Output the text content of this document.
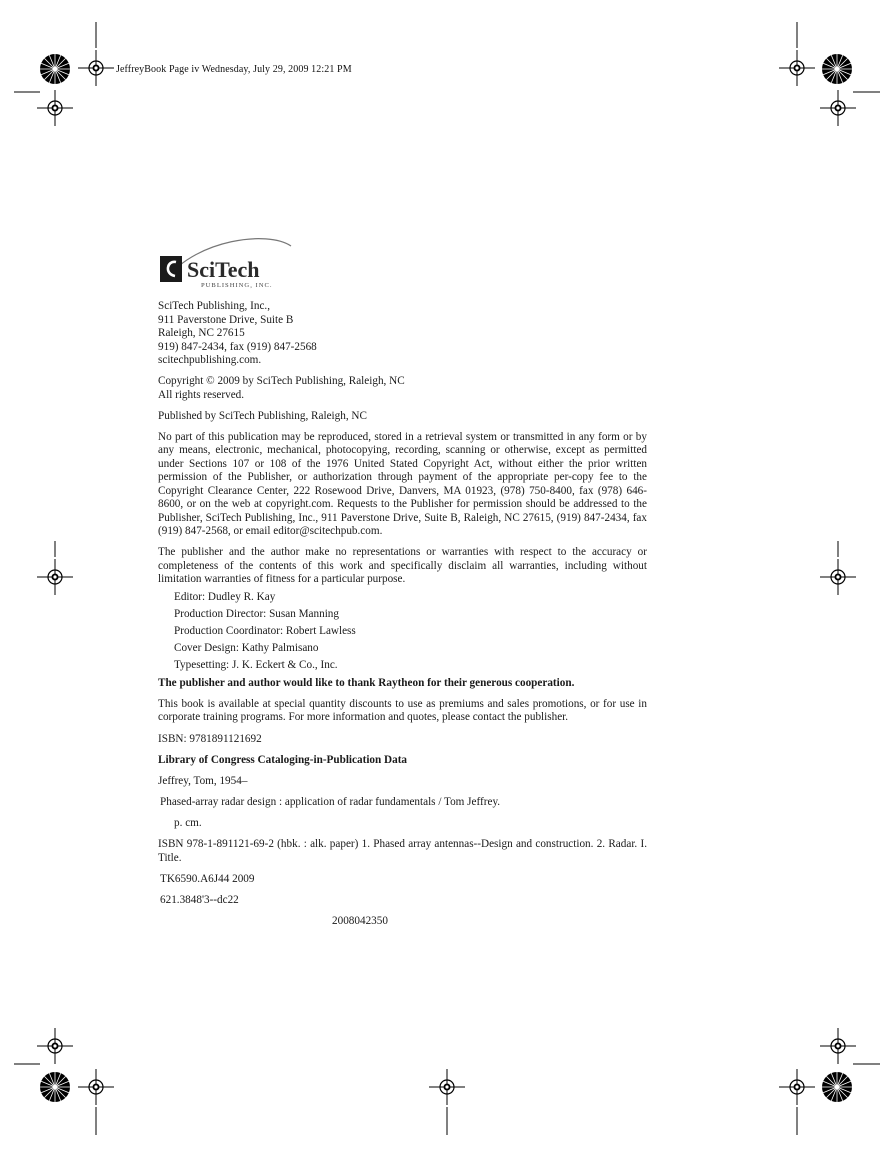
JeffreyBook Page iv Wednesday, July 29, 2009 12:21 PM
SciTech
PUBLISHING, INC.

SciTech Publishing, Inc.,
911 Paverstone Drive, Suite B
Raleigh, NC 27615
919) 847-2434, fax (919) 847-2568
scitechpublishing.com.

Copyright © 2009 by SciTech Publishing, Raleigh, NC
All rights reserved.

Published by SciTech Publishing, Raleigh, NC

No part of this publication may be reproduced, stored in a retrieval system or transmitted in any form or by any means, electronic, mechanical, photocopying, recording, scanning or otherwise, except as permitted under Sections 107 or 108 of the 1976 United Stated Copyright Act, without either the prior written permission of the Publisher, or authorization through payment of the appropriate per-copy fee to the Copyright Clearance Center, 222 Rosewood Drive, Danvers, MA 01923, (978) 750-8400, fax (978) 646-8600, or on the web at copyright.com. Requests to the Publisher for permission should be addressed to the Publisher, SciTech Publishing, Inc., 911 Paverstone Drive, Suite B, Raleigh, NC 27615, (919) 847-2434, fax (919) 847-2568, or email editor@scitechpub.com.

The publisher and the author make no representations or warranties with respect to the accuracy or completeness of the contents of this work and specifically disclaim all warranties, including without limitation warranties of fitness for a particular purpose.

Editor: Dudley R. Kay

Production Director: Susan Manning

Production Coordinator: Robert Lawless

Cover Design: Kathy Palmisano

Typesetting: J. K. Eckert & Co., Inc.

The publisher and author would like to thank Raytheon for their generous cooperation.

This book is available at special quantity discounts to use as premiums and sales promotions, or for use in corporate training programs. For more information and quotes, please contact the publisher.

ISBN: 9781891121692

Library of Congress Cataloging-in-Publication Data

Jeffrey, Tom, 1954–

Phased-array radar design : application of radar fundamentals / Tom Jeffrey.

p. cm.

ISBN 978-1-891121-69-2 (hbk. : alk. paper) 1. Phased array antennas--Design and construction. 2. Radar. I. Title.

TK6590.A6J44 2009

621.3848'3--dc22

2008042350
